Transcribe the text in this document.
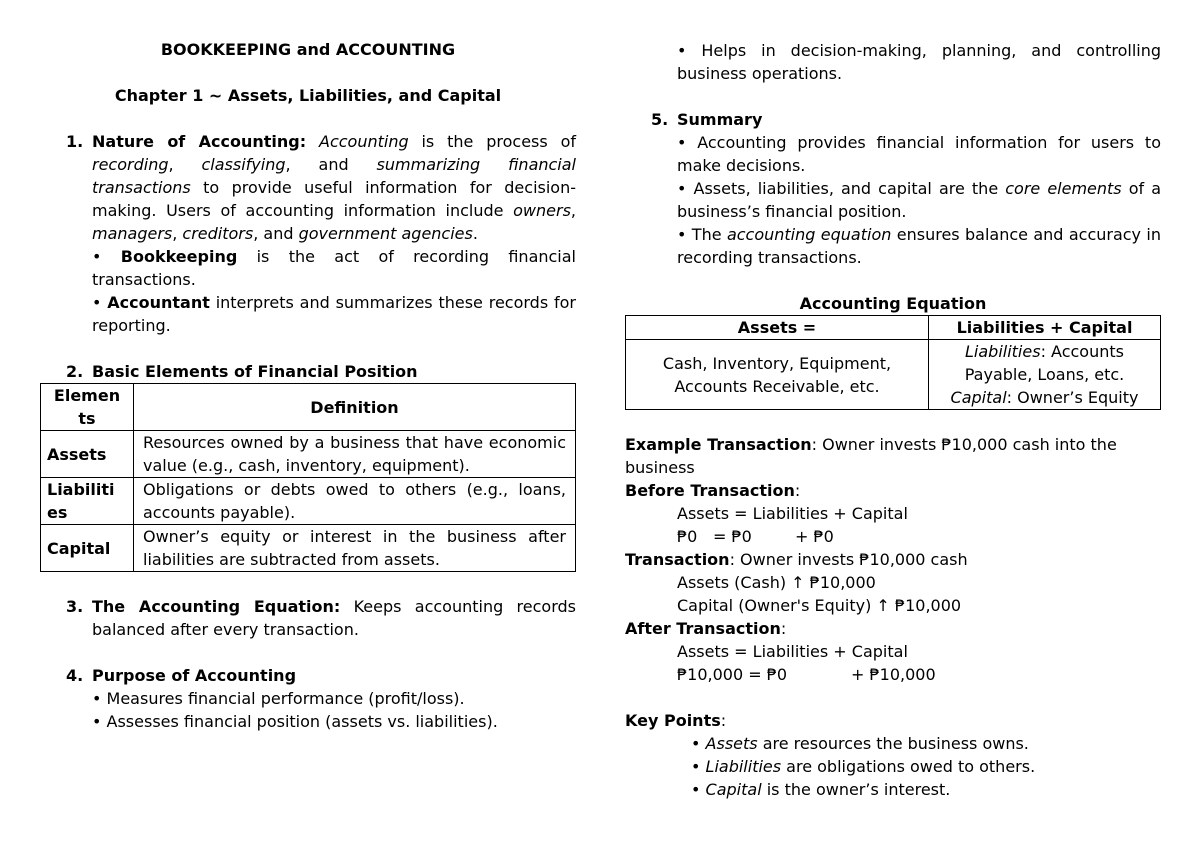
BOOKKEEPING and ACCOUNTING

Chapter 1 ~ Assets, Liabilities, and Capital

1. Nature of Accounting: Accounting is the process of recording, classifying, and summarizing financial transactions to provide useful information for decision-making. Users of accounting information include owners, managers, creditors, and government agencies.

• Bookkeeping is the act of recording financial transactions.

• Accountant interprets and summarizes these records for reporting.

2. Basic Elements of Financial Position

Elemen ts	Definition
Assets	Resources owned by a business that have economic value (e.g., cash, inventory, equipment).
Liabiliti es	Obligations or debts owed to others (e.g., loans, accounts payable).
Capital	Owner’s equity or interest in the business after liabilities are subtracted from assets.
3. The Accounting Equation: Keeps accounting records balanced after every transaction.

4. Purpose of Accounting

• Measures financial performance (profit/loss).

• Assesses financial position (assets vs. liabilities).

• Helps in decision-making, planning, and controlling business operations.

5. Summary

• Accounting provides financial information for users to make decisions.

• Assets, liabilities, and capital are the core elements of a business’s financial position.

• The accounting equation ensures balance and accuracy in recording transactions.

Accounting Equation

Assets =	Liabilities + Capital
Cash, Inventory, Equipment, Accounts Receivable, etc.	Liabilities: Accounts Payable, Loans, etc.
Capital: Owner’s Equity

Example Transaction: Owner invests ₱10,000 cash into the business

Before Transaction:

Assets = Liabilities + Capital

₱0 = ₱0	+ ₱0

Transaction: Owner invests ₱10,000 cash

Assets (Cash) ↑ ₱10,000

Capital (Owner's Equity) ↑ ₱10,000

After Transaction:

Assets = Liabilities + Capital

₱10,000 = ₱0	+ ₱10,000

Key Points:

• Assets are resources the business owns.

• Liabilities are obligations owed to others.

• Capital is the owner’s interest.
